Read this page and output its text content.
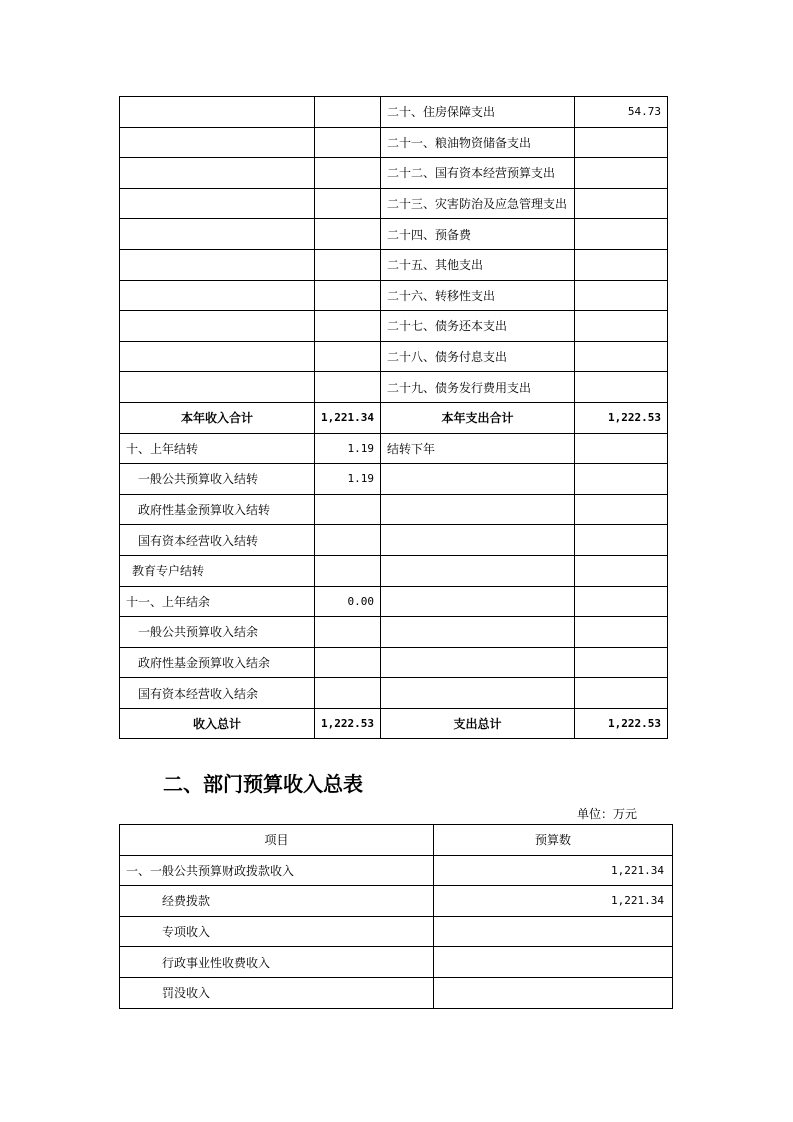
		二十、住房保障支出	54.73
		二十一、粮油物资储备支出	
		二十二、国有资本经营预算支出	
		二十三、灾害防治及应急管理支出	
		二十四、预备费	
		二十五、其他支出	
		二十六、转移性支出	
		二十七、债务还本支出	
		二十八、债务付息支出	
		二十九、债务发行费用支出	
本年收入合计	1,221.34	本年支出合计	1,222.53
十、上年结转	1.19	结转下年	
一般公共预算收入结转	1.19		
政府性基金预算收入结转			
国有资本经营收入结转			
教育专户结转			
十一、上年结余	0.00		
一般公共预算收入结余			
政府性基金预算收入结余			
国有资本经营收入结余			
收入总计	1,222.53	支出总计	1,222.53
二、部门预算收入总表
单位：万元
项目	预算数
一、一般公共预算财政拨款收入	1,221.34
经费拨款	1,221.34
专项收入	
行政事业性收费收入	
罚没收入	
